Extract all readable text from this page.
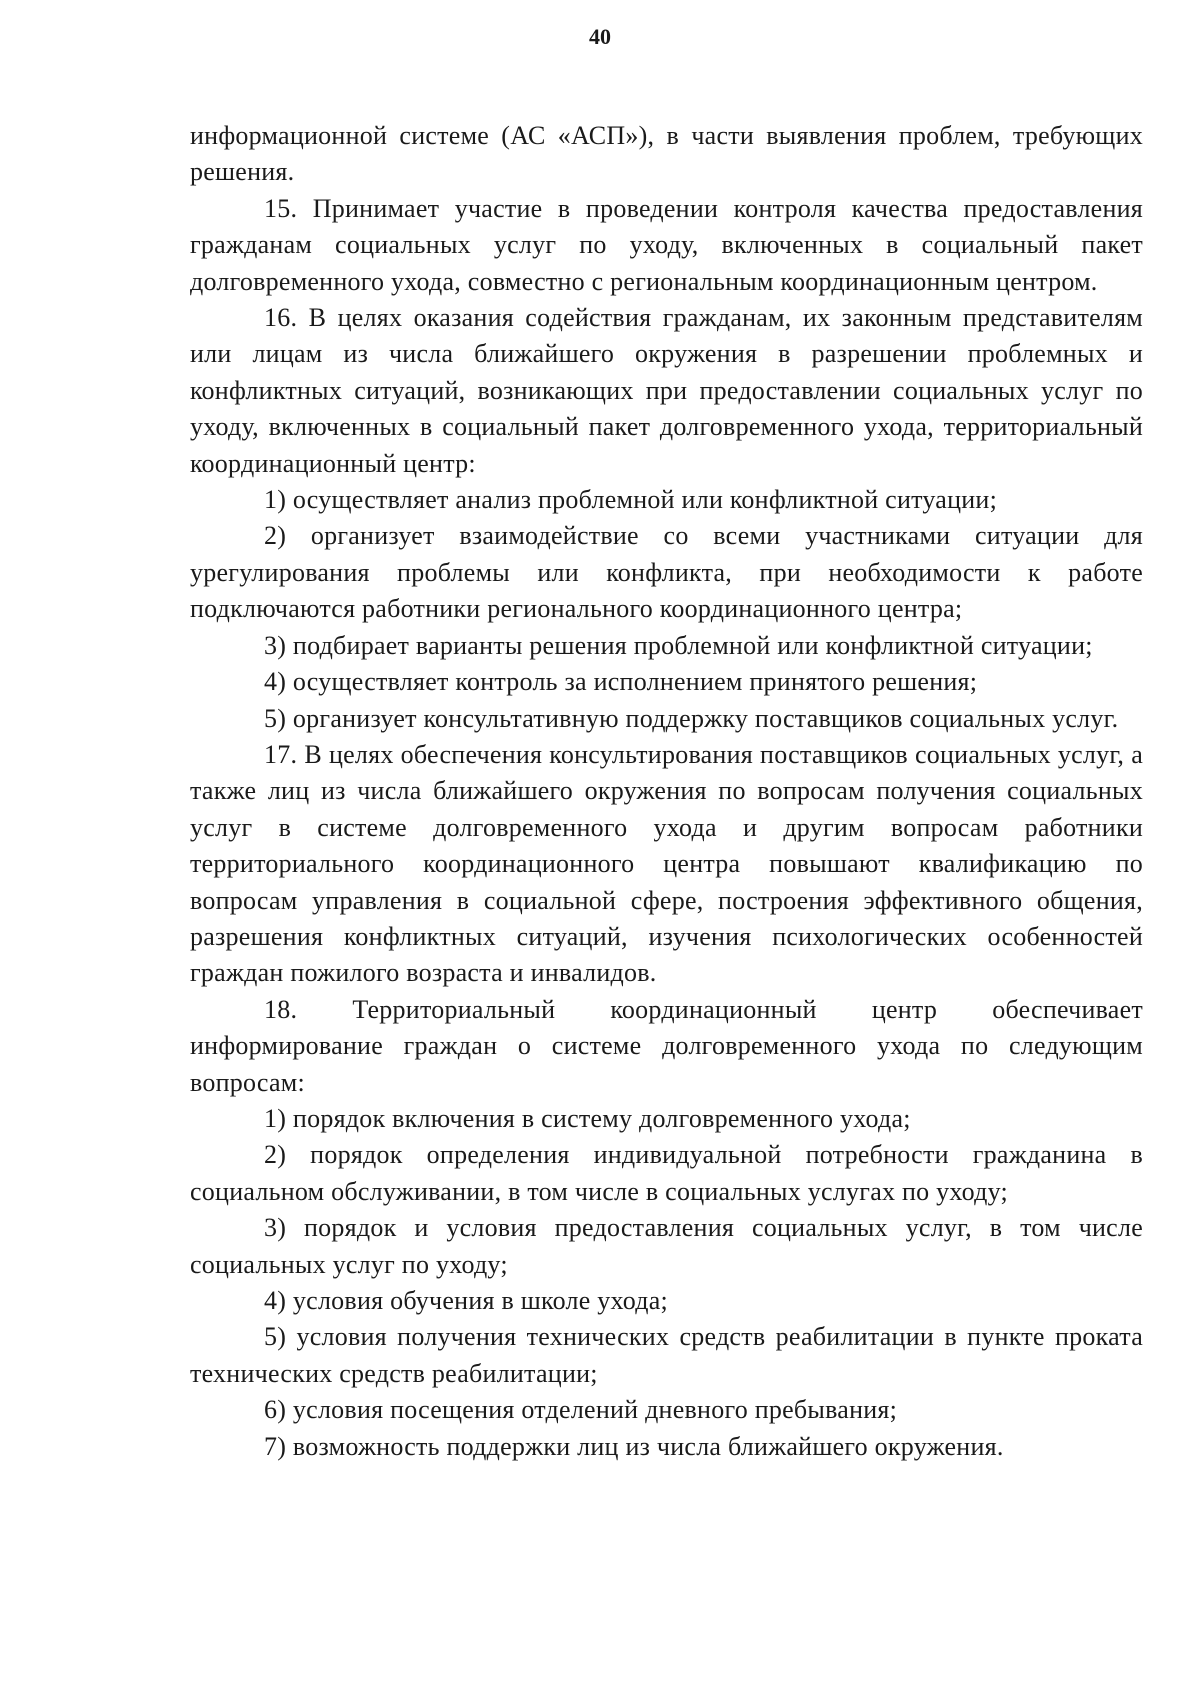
40

информационной системе (АС «АСП»), в части выявления проблем, требующих решения.

15. Принимает участие в проведении контроля качества предоставления гражданам социальных услуг по уходу, включенных в социальный пакет долговременного ухода, совместно с региональным координационным центром.

16. В целях оказания содействия гражданам, их законным представителям или лицам из числа ближайшего окружения в разрешении проблемных и конфликтных ситуаций, возникающих при предоставлении социальных услуг по уходу, включенных в социальный пакет долговременного ухода, территориальный координационный центр:

1) осуществляет анализ проблемной или конфликтной ситуации;

2) организует взаимодействие со всеми участниками ситуации для урегулирования проблемы или конфликта, при необходимости к работе подключаются работники регионального координационного центра;

3) подбирает варианты решения проблемной или конфликтной ситуации;

4) осуществляет контроль за исполнением принятого решения;

5) организует консультативную поддержку поставщиков социальных услуг.

17. В целях обеспечения консультирования поставщиков социальных услуг, а также лиц из числа ближайшего окружения по вопросам получения социальных услуг в системе долговременного ухода и другим вопросам работники территориального координационного центра повышают квалификацию по вопросам управления в социальной сфере, построения эффективного общения, разрешения конфликтных ситуаций, изучения психологических особенностей граждан пожилого возраста и инвалидов.

18. Территориальный координационный центр обеспечивает информирование граждан о системе долговременного ухода по следующим вопросам:

1) порядок включения в систему долговременного ухода;

2) порядок определения индивидуальной потребности гражданина в социальном обслуживании, в том числе в социальных услугах по уходу;

3) порядок и условия предоставления социальных услуг, в том числе социальных услуг по уходу;

4) условия обучения в школе ухода;

5) условия получения технических средств реабилитации в пункте проката технических средств реабилитации;

6) условия посещения отделений дневного пребывания;

7) возможность поддержки лиц из числа ближайшего окружения.
